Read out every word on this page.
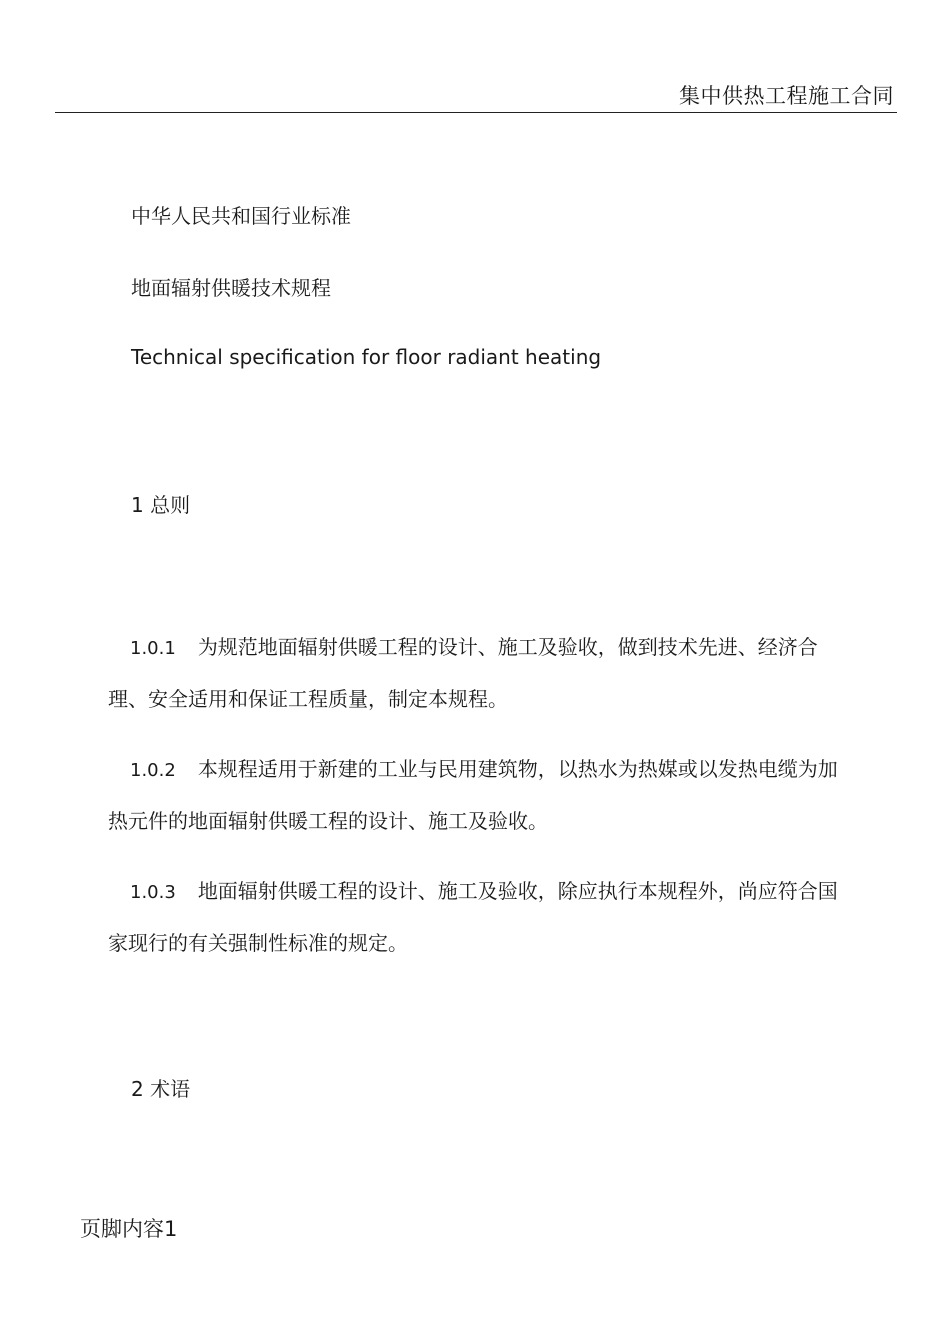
集中供热工程施工合同
中华人民共和国行业标准
地面辐射供暖技术规程
Technical specification for floor radiant heating
1 总则
1.0.1 为规范地面辐射供暖工程的设计、施工及验收，做到技术先进、经济合理、安全适用和保证工程质量，制定本规程。
1.0.2 本规程适用于新建的工业与民用建筑物，以热水为热媒或以发热电缆为加热元件的地面辐射供暖工程的设计、施工及验收。
1.0.3 地面辐射供暖工程的设计、施工及验收，除应执行本规程外，尚应符合国家现行的有关强制性标准的规定。
2 术语
页脚内容1
